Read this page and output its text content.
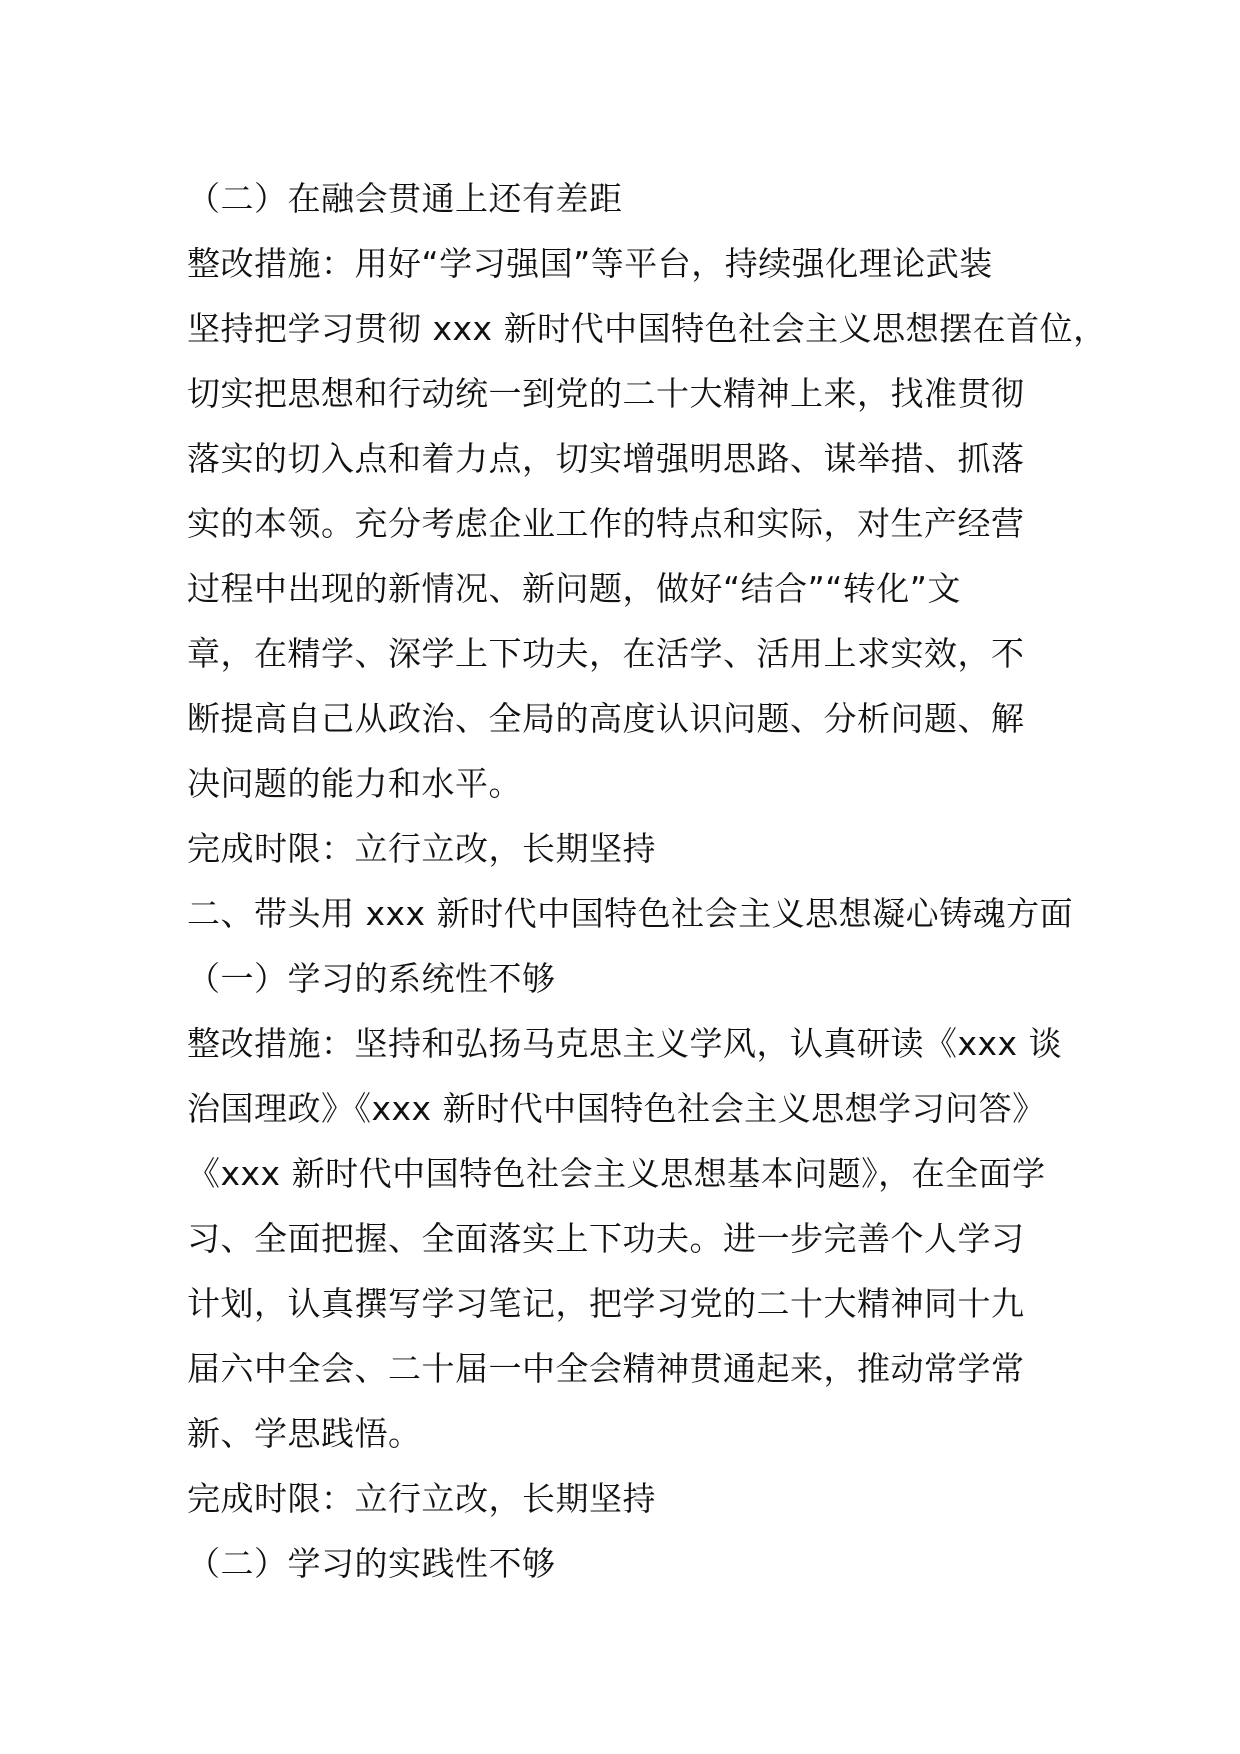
（二）在融会贯通上还有差距
整改措施：用好“学习强国”等平台，持续强化理论武装
坚持把学习贯彻 xxx 新时代中国特色社会主义思想摆在首位，
切实把思想和行动统一到党的二十大精神上来，找准贯彻
落实的切入点和着力点，切实增强明思路、谋举措、抓落
实的本领。充分考虑企业工作的特点和实际，对生产经营
过程中出现的新情况、新问题，做好“结合”“转化”文
章，在精学、深学上下功夫，在活学、活用上求实效，不
断提高自己从政治、全局的高度认识问题、分析问题、解
决问题的能力和水平。
完成时限：立行立改，长期坚持
二、带头用 xxx 新时代中国特色社会主义思想凝心铸魂方面
（一）学习的系统性不够
整改措施：坚持和弘扬马克思主义学风，认真研读《xxx 谈
治国理政》《xxx 新时代中国特色社会主义思想学习问答》
《xxx 新时代中国特色社会主义思想基本问题》，在全面学
习、全面把握、全面落实上下功夫。进一步完善个人学习
计划，认真撰写学习笔记，把学习党的二十大精神同十九
届六中全会、二十届一中全会精神贯通起来，推动常学常
新、学思践悟。
完成时限：立行立改，长期坚持
（二）学习的实践性不够
